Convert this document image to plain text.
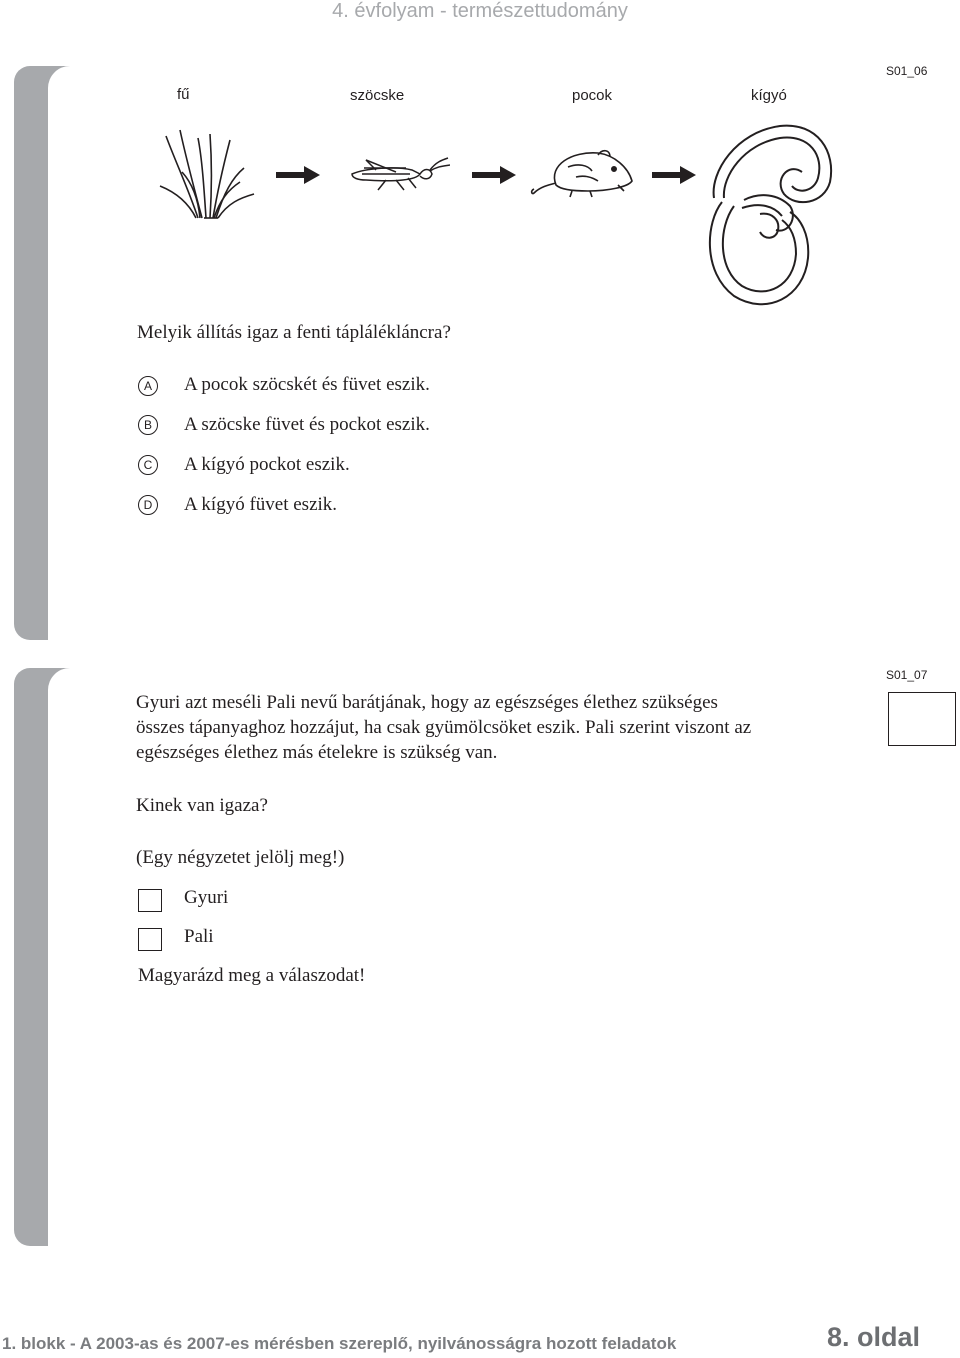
4. évfolyam - természettudomány
S031347
S01_06
fű	szöcske	pocok	kígyó
Melyik állítás igaz a fenti táplálékláncra?
A	A pocok szöcskét és füvet eszik.
B	A szöcske füvet és pockot eszik.
C A kígyó pockot eszik.
D A kígyó füvet eszik.
S031346
S01_07
Gyuri azt meséli Pali nevű barátjának, hogy az egészséges élethez szükséges
összes tápanyaghoz hozzájut, ha csak gyümölcsöket eszik. Pali szerint viszont az
egészséges élethez más ételekre is szükség van.
Kinek van igaza?
(Egy négyzetet jelölj meg!)
Gyuri
Pali
Magyarázd meg a válaszodat!
1. blokk - A 2003-as és 2007-es mérésben szereplő, nyilvánosságra hozott feladatok	8. oldal
